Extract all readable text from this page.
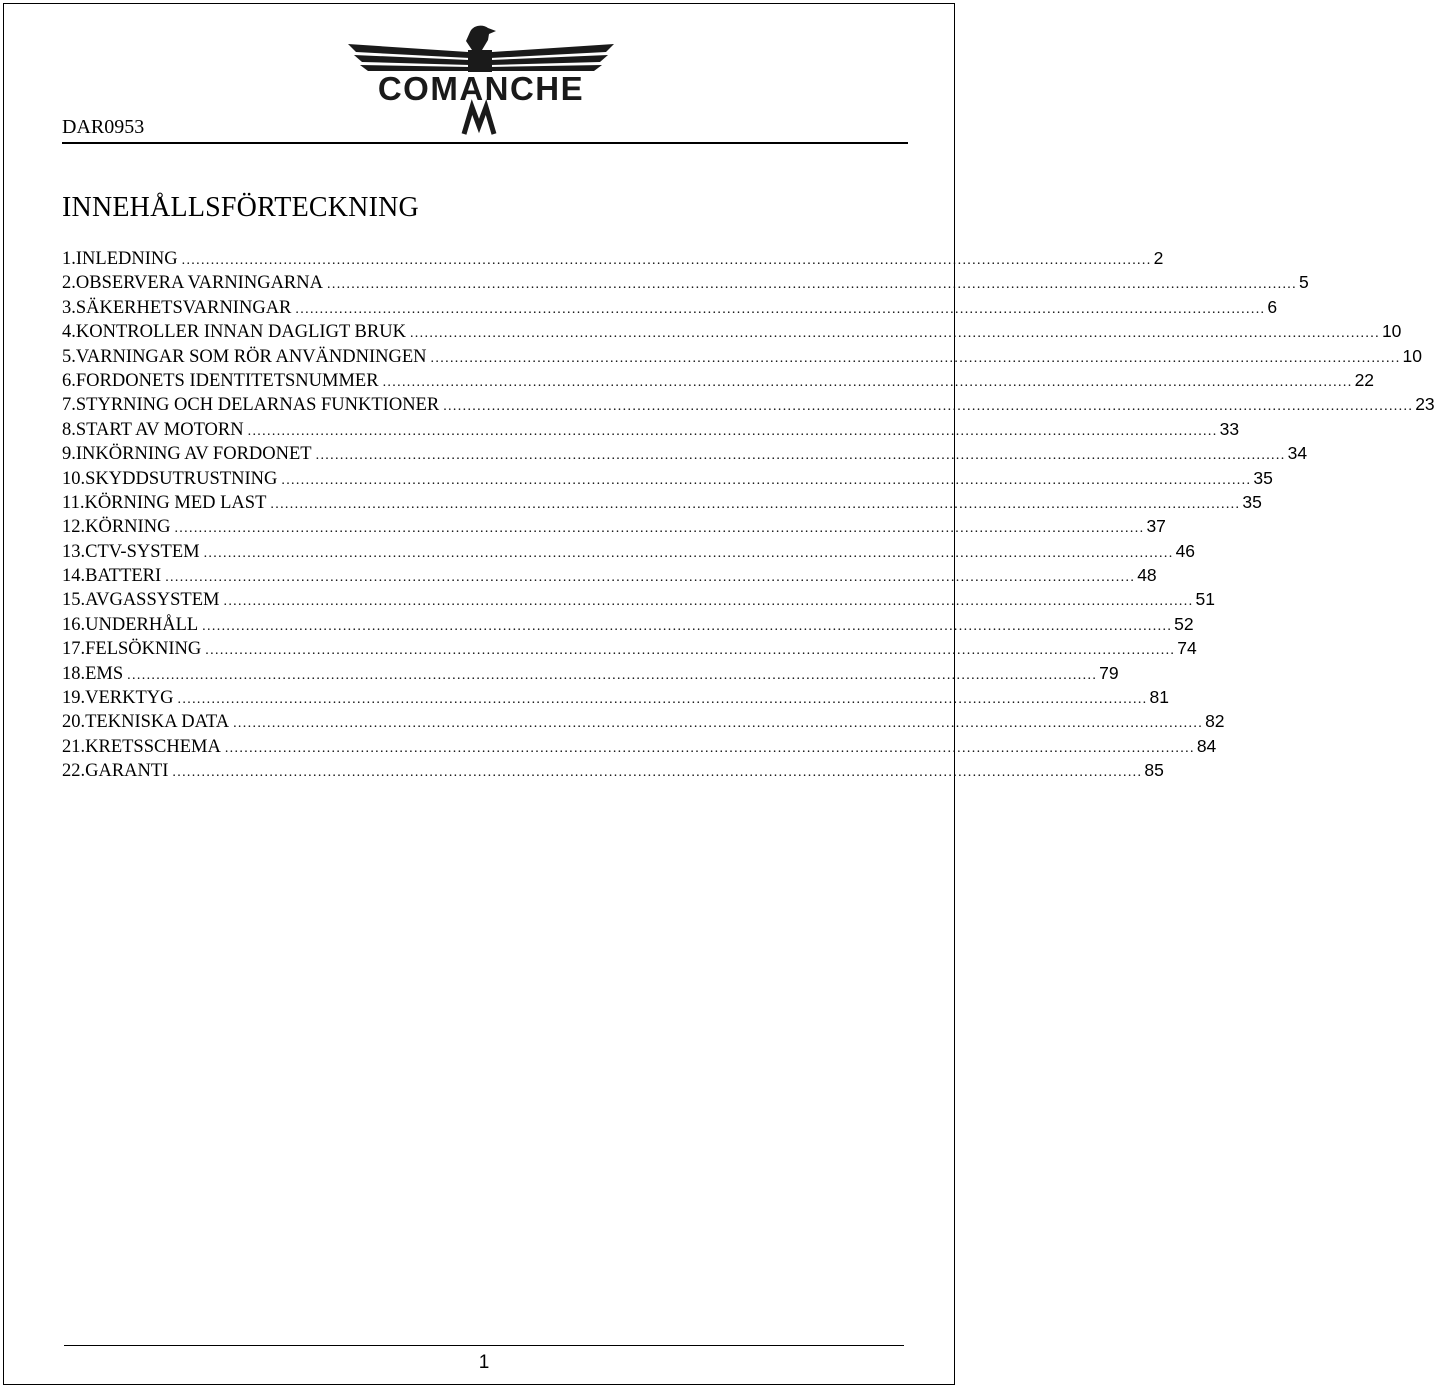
DAR0953
COMANCHE
INNEHÅLLSFÖRTECKNING
1. INLEDNING ........................................................................................................................................................................................................ 2
2. OBSERVERA VARNINGARNA ........................................................................................................................................................................................................ 5
3. SÄKERHETSVARNINGAR ........................................................................................................................................................................................................ 6
4. KONTROLLER INNAN DAGLIGT BRUK ........................................................................................................................................................................................................ 10
5. VARNINGAR SOM RÖR ANVÄNDNINGEN ........................................................................................................................................................................................................ 10
6. FORDONETS IDENTITETSNUMMER ........................................................................................................................................................................................................ 22
7. STYRNING OCH DELARNAS FUNKTIONER ........................................................................................................................................................................................................ 23
8. START AV MOTORN ........................................................................................................................................................................................................ 33
9. INKÖRNING AV FORDONET ........................................................................................................................................................................................................ 34
10. SKYDDSUTRUSTNING ........................................................................................................................................................................................................ 35
11. KÖRNING MED LAST ........................................................................................................................................................................................................ 35
12. KÖRNING ........................................................................................................................................................................................................ 37
13. CTV-SYSTEM ........................................................................................................................................................................................................ 46
14. BATTERI ........................................................................................................................................................................................................ 48
15. AVGASSYSTEM ........................................................................................................................................................................................................ 51
16. UNDERHÅLL ........................................................................................................................................................................................................ 52
17. FELSÖKNING ........................................................................................................................................................................................................ 74
18. EMS ........................................................................................................................................................................................................ 79
19. VERKTYG ........................................................................................................................................................................................................ 81
20. TEKNISKA DATA ........................................................................................................................................................................................................ 82
21. KRETSSCHEMA ........................................................................................................................................................................................................ 84
22. GARANTI ........................................................................................................................................................................................................ 85
1
